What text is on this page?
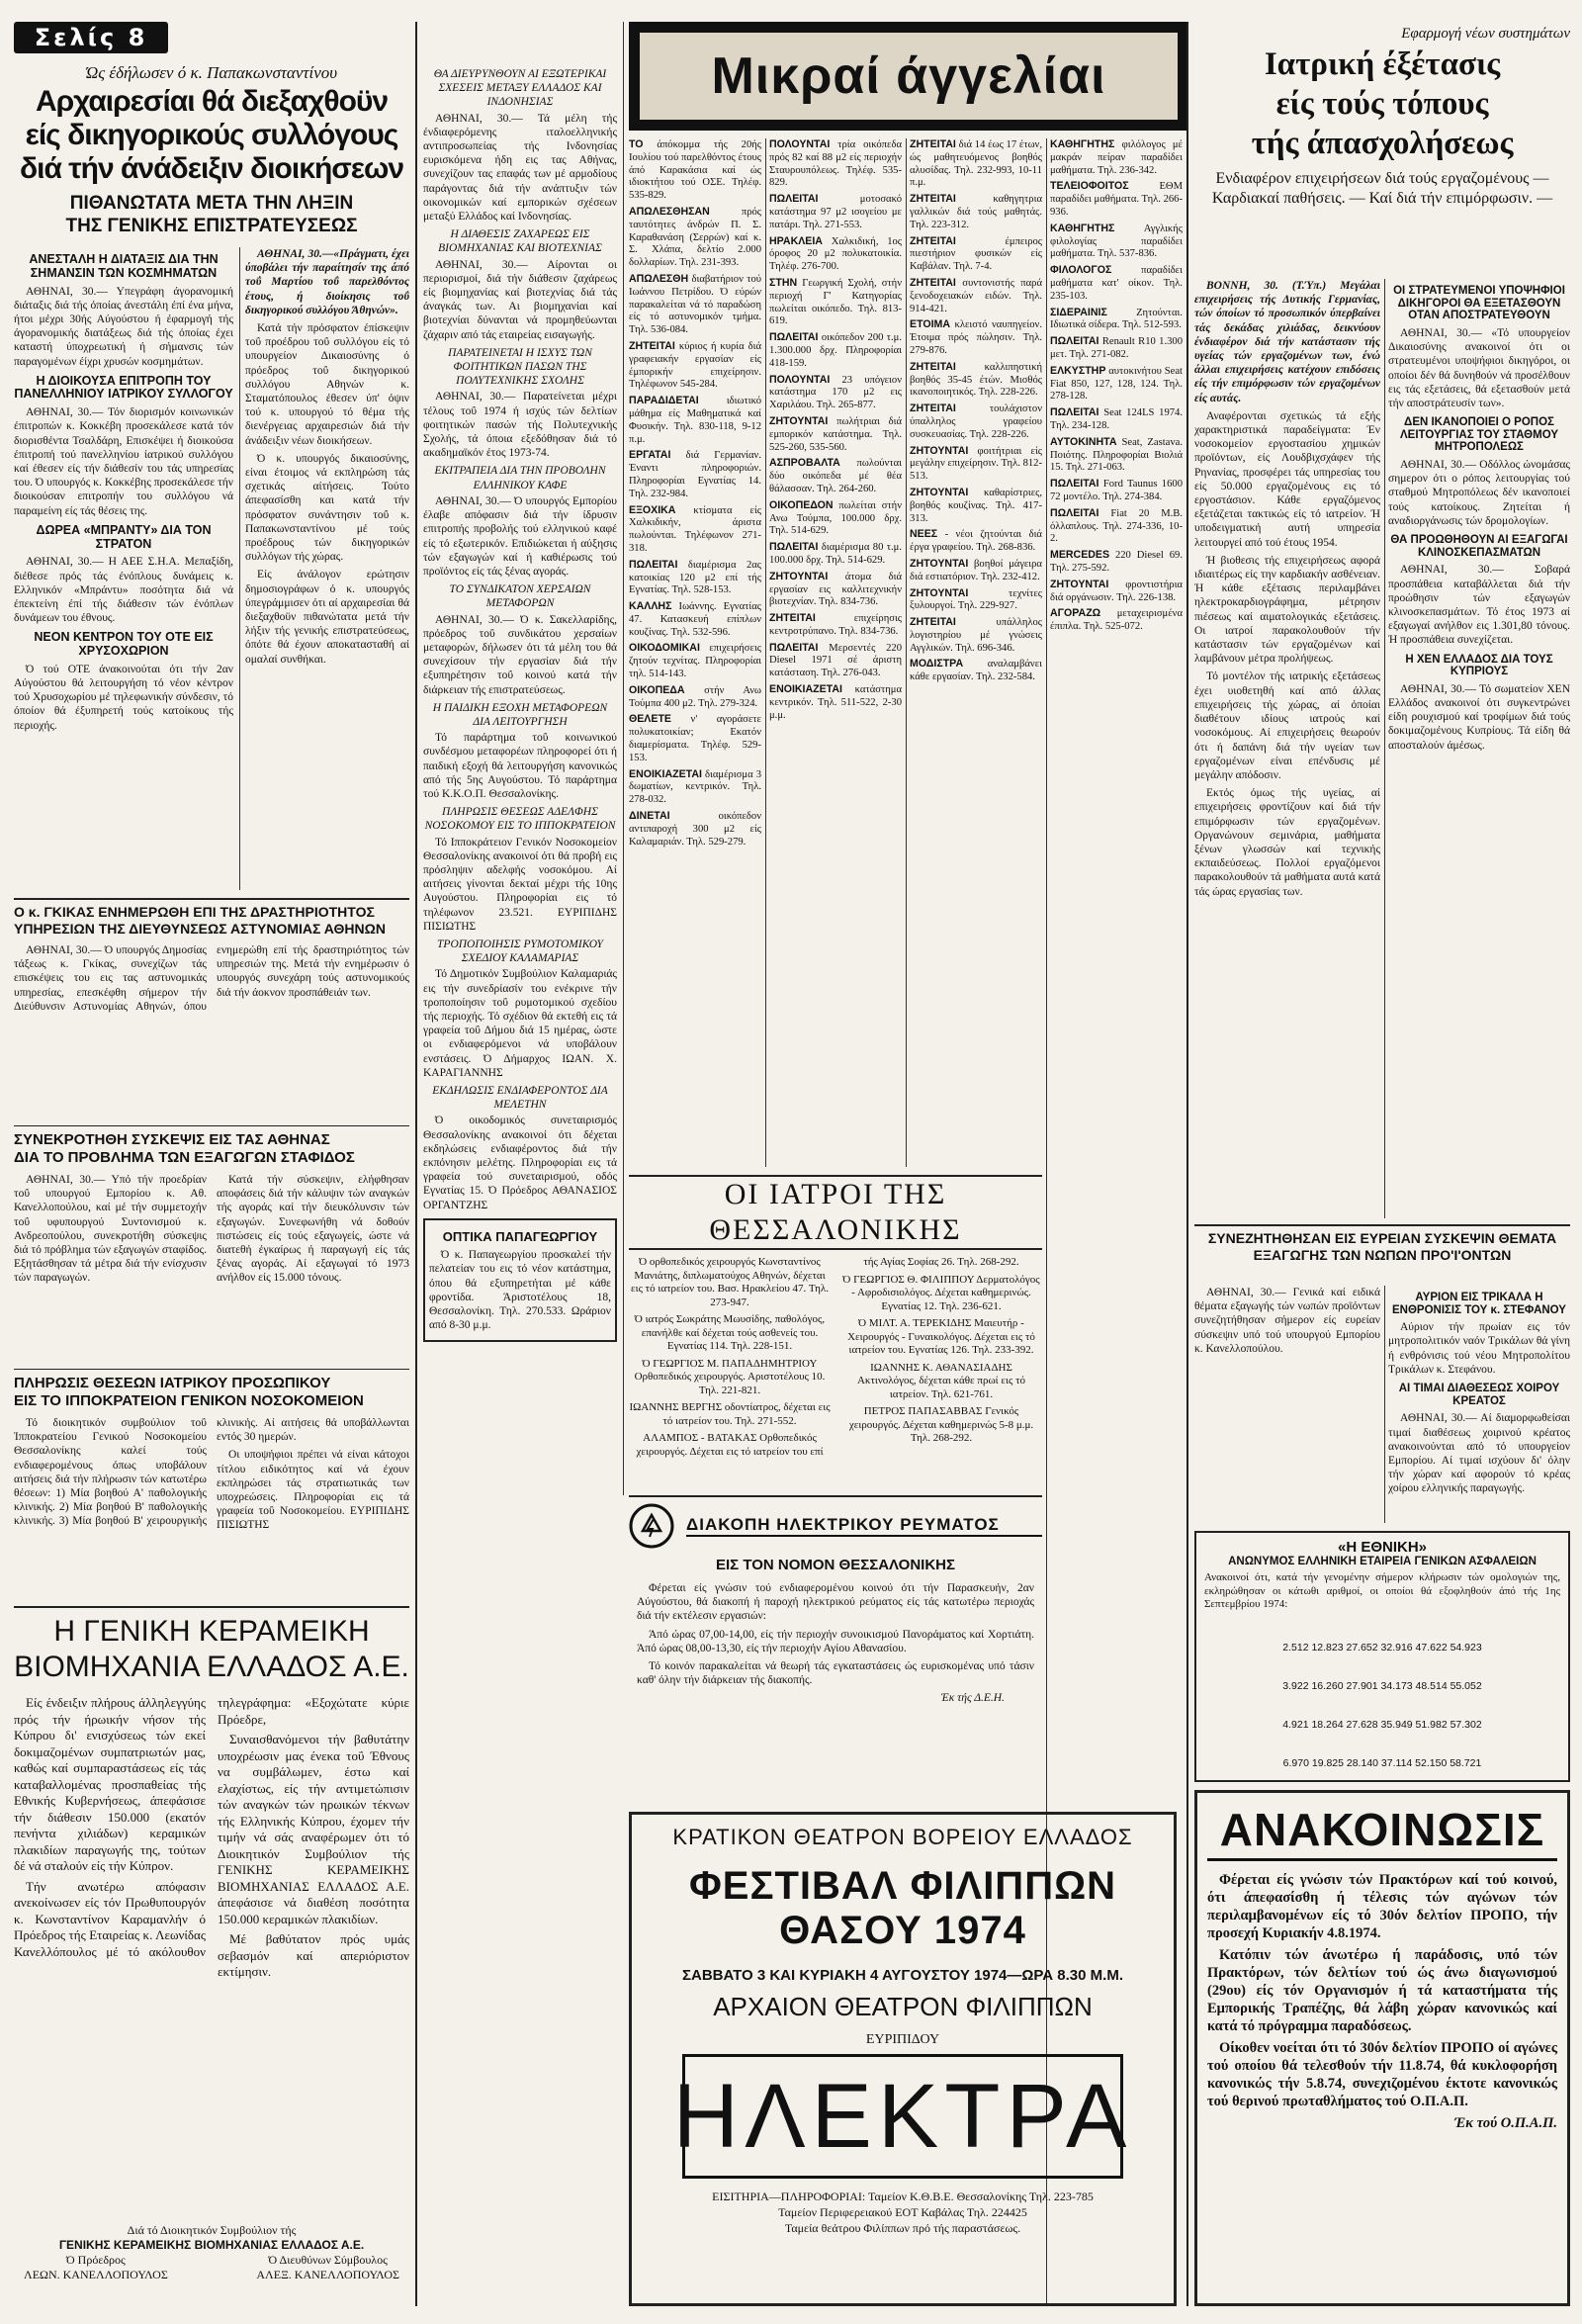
Σελίς 8
Ώς έδήλωσεν ό κ. Παπακωνσταντίνου
Αρχαιρεσίαι θά διεξαχθοϋν
είς δικηγορικούς συλλόγους
διά τήν άνάδειξιν διοικήσεων
ΠΙΘΑΝΩΤΑΤΑ ΜΕΤΑ ΤΗΝ ΛΗΞΙΝ
ΤΗΣ ΓΕΝΙΚΗΣ ΕΠΙΣΤΡΑΤΕΥΣΕΩΣ
ΑΝΕΣΤΑΛΗ Η ΔΙΑΤΑΞΙΣ ΔΙΑ ΤΗΝ ΣΗΜΑΝΣΙΝ ΤΩΝ ΚΟΣΜΗΜΑΤΩΝ

ΑΘΗΝΑΙ, 30.— Υπεγράφη άγορανομική διάταξις διά τής όποίας άνεστάλη έπί ένα μήνα, ήτοι μέχρι 30ής Αύγούστου ή έφαρμογή τής άγορανομικής διατάξεως διά τής όποίας έχει καταστή ύποχρεωτική ή σήμανσις τών παραγομένων έίχρι χρυσών κοσμημάτων.

Η ΔΙΟΙΚΟΥΣΑ ΕΠΙΤΡΟΠΗ ΤΟΥ ΠΑΝΕΛΛΗΝΙΟΥ ΙΑΤΡΙΚΟΥ ΣΥΛΛΟΓΟΥ

ΑΘΗΝΑΙ, 30.— Τόν διορισμόν κοινωνικών έπιτροπών κ. Κοκκέβη προσεκάλεσε κατά τόν διορισθέντα Τσαλδάρη, Επισκέψει ή διοικούσα έπιτροπή τού πανελληνίου ίατρικού συλλόγου καί έθεσεν είς τήν διάθεσίν του τάς υπηρεσίας του. Ό υπουργός κ. Κοκκέβης προσεκάλεσε τήν διοικούσαν επιτροπήν του συλλόγου νά παραμείνη είς τάς θέσεις της.

ΔΩΡΕΑ «ΜΠΡΑΝΤΥ» ΔΙΑ ΤΟΝ ΣΤΡΑΤΟΝ

ΑΘΗΝΑΙ, 30.— Η ΑΕΕ Σ.Η.Α. Μεπαξίδη, διέθεσε πρός τάς ένόπλους δυνάμεις κ. Ελληνικόν «Μπράντυ» ποσότητα διά νά έπεκτείνη έπί τής διάθεσιν τών ένόπλων δυνάμεων του έθνους.

ΝΕΟΝ ΚΕΝΤΡΟΝ ΤΟΥ ΟΤΕ ΕΙΣ ΧΡΥΣΟΧΩΡΙΟΝ

Ό τού ΟΤΕ άνακοινούται ότι τήν 2αν Αύγούστου θά λειτουργήση τό νέον κέντρον τού Χρυσοχωρίου μέ τηλεφωνικήν σύνδεσιν, τό όποίον θά έξυπηρετή τούς κατοίκους τής περιοχής.

ΑΘΗΝΑΙ, 30.—«Πράγματι, έχει ύποβάλει τήν παραίτησίν της άπό τοΰ Μαρτίου τοΰ παρελθόντος έτους, ή διοίκησις τοΰ δικηγορικού συλλόγου Άθηνών».

Κατά τήν πρόσφατον έπίσκεψιν τοΰ προέδρου τοΰ συλλόγου είς τό υπουργείον Δικαιοσύνης ό πρόεδρος τοΰ δικηγορικού συλλόγου Αθηνών κ. Σταματόπουλος έθεσεν ύπ' όψιν τού κ. υπουργού τό θέμα τής διενέργειας αρχαιρεσιών διά τήν άνάδειξιν νέων διοικήσεων.

Ό κ. υπουργός δικαιοσύνης, είναι έτοιμος νά εκπληρώση τάς σχετικάς αίτήσεις. Τούτο άπεφασίσθη και κατά τήν πρόσφατον συνάντησιν τοΰ κ. Παπακωνσταντίνου μέ τούς προέδρους τών δικηγορικών συλλόγων τής χώρας.

Είς άνάλογον ερώτησιν δημοσιογράφων ό κ. υπουργός ύπεγράμμισεν ότι αί αρχαιρεσίαι θά διεξαχθοϋν πιθανώτατα μετά τήν λήξιν τής γενικής επιστρατεύσεως, όπότε θά έχουν αποκατασταθή αί ομαλαί συνθήκαι.

Ο κ. ΓΚΙΚΑΣ ΕΝΗΜΕΡΩΘΗ ΕΠΙ ΤΗΣ ΔΡΑΣΤΗΡΙΟΤΗΤΟΣ ΥΠΗΡΕΣΙΩΝ ΤΗΣ ΔΙΕΥΘΥΝΣΕΩΣ ΑΣΤΥΝΟΜΙΑΣ ΑΘΗΝΩΝ

ΑΘΗΝΑΙ, 30.— Ό υπουργός Δημοσίας τάξεως κ. Γκίκας, συνεχίζων τάς επισκέψεις του εις τας αστυνομικάς υπηρεσίας, επεσκέφθη σήμερον τήν Διεύθυνσιν Αστυνομίας Αθηνών, όπου ενημερώθη επί τής δραστηριότητος τών υπηρεσιών της. Μετά τήν ενημέρωσιν ό υπουργός συνεχάρη τούς αστυνομικούς διά τήν άοκνον προσπάθειάν των.

ΣΥΝΕΚΡΟΤΗΘΗ ΣΥΣΚΕΨΙΣ ΕΙΣ ΤΑΣ ΑΘΗΝΑΣ
ΔΙΑ ΤΟ ΠΡΟΒΛΗΜΑ ΤΩΝ ΕΞΑΓΩΓΩΝ ΣΤΑΦΙΔΟΣ

ΑΘΗΝΑΙ, 30.— Υπό τήν προεδρίαν τοΰ υπουργού Εμπορίου κ. Αθ. Κανελλοπούλου, καί μέ τήν συμμετοχήν τοΰ υφυπουργού Συντονισμού κ. Ανδρεοπούλου, συνεκροτήθη σύσκεψις διά τό πρόβλημα τών εξαγωγών σταφίδος. Εξητάσθησαν τά μέτρα διά τήν ενίσχυσιν τών παραγωγών.

Κατά τήν σύσκεψιν, ελήφθησαν αποφάσεις διά τήν κάλυψιν τών αναγκών τής αγοράς καί τήν διευκόλυνσιν τών εξαγωγών. Συνεφωνήθη νά δοθούν πιστώσεις είς τούς εξαγωγείς, ώστε νά διατεθή έγκαίρως ή παραγωγή είς τάς ξένας αγοράς. Αί εξαγωγαί τό 1973 ανήλθον είς 15.000 τόνους.

ΠΛΗΡΩΣΙΣ ΘΕΣΕΩΝ ΙΑΤΡΙΚΟΥ ΠΡΟΣΩΠΙΚΟΥ
ΕΙΣ ΤΟ ΙΠΠΟΚΡΑΤΕΙΟΝ ΓΕΝΙΚΟΝ ΝΟΣΟΚΟΜΕΙΟΝ

Τό διοικητικόν συμβούλιον τοΰ Ίπποκρατείου Γενικού Νοσοκομείου Θεσσαλονίκης καλεί τούς ενδιαφερομένους όπως υποβάλουν αιτήσεις διά τήν πλήρωσιν τών κατωτέρω θέσεων: 1) Μία βοηθού Α' παθολογικής κλινικής. 2) Μία βοηθού Β' παθολογικής κλινικής. 3) Μία βοηθού Β' χειρουργικής κλινικής. Αί αιτήσεις θά υποβάλλωνται εντός 30 ημερών.

Οι υποψήφιοι πρέπει νά είναι κάτοχοι τίτλου ειδικότητος καί νά έχουν εκπληρώσει τάς στρατιωτικάς των υποχρεώσεις. Πληροφορίαι εις τά γραφεία τοΰ Νοσοκομείου. ΕΥΡΙΠΙΔΗΣ ΠΙΣΙΩΤΗΣ

Η ΓΕΝΙΚΗ ΚΕΡΑΜΕΙΚΗ
ΒΙΟΜΗΧΑΝΙΑ ΕΛΛΑΔΟΣ Α.Ε.

Είς ένδειξιν πλήρους άλληλεγγύης πρός τήν ήρωικήν νήσον τής Κύπρου δι' ενισχύσεως τών εκεί δοκιμαζομένων συμπατριωτών μας, καθώς καί συμπαραστάσεως είς τάς καταβαλλομένας προσπαθείας τής Εθνικής Κυβερνήσεως, άπεφάσισε τήν διάθεσιν 150.000 (εκατόν πενήντα χιλιάδων) κεραμικών πλακιδίων παραγωγής της, τούτων δέ νά σταλούν είς τήν Κύπρον.

Τήν ανωτέρω απόφασιν ανεκοίνωσεν είς τόν Πρωθυπουργόν κ. Κωνσταντίνον Καραμανλήν ό Πρόεδρος τής Εταιρείας κ. Λεωνίδας Κανελλόπουλος μέ τό ακόλουθον τηλεγράφημα: «Εξοχώτατε κύριε Πρόεδρε,

Συναισθανόμενοι τήν βαθυτάτην υποχρέωσιν μας ένεκα τοΰ Έθνους να συμβάλωμεν, έστω καί ελαχίστως, είς τήν αντιμετώπισιν τών αναγκών τών ηρωικών τέκνων τής Ελληνικής Κύπρου, έχομεν τήν τιμήν νά σάς αναφέρωμεν ότι τό Διοικητικόν Συμβούλιον τής ΓΕΝΙΚΗΣ ΚΕΡΑΜΕΙΚΗΣ ΒΙΟΜΗΧΑΝΙΑΣ ΕΛΛΑΔΟΣ Α.Ε. άπεφάσισε νά διαθέση ποσότητα 150.000 κεραμικών πλακιδίων.

Μέ βαθύτατον πρός υμάς σεβασμόν καί απεριόριστον εκτίμησιν.

Διά τό Διοικητικόν Συμβούλιον τής
ΓΕΝΙΚΗΣ ΚΕΡΑΜΕΙΚΗΣ ΒΙΟΜΗΧΑΝΙΑΣ ΕΛΛΑΔΟΣ Α.Ε.
Ό Πρόεδρος
ΛΕΩΝ. ΚΑΝΕΛΛΟΠΟΥΛΟΣ
Ό Διευθύνων Σύμβουλος
ΑΛΕΞ. ΚΑΝΕΛΛΟΠΟΥΛΟΣ
ΘΑ ΔΙΕΥΡΥΝΘΟΥΝ ΑΙ ΕΞΩΤΕΡΙΚΑΙ ΣΧΕΣΕΙΣ ΜΕΤΑΞΥ ΕΛΛΑΔΟΣ ΚΑΙ ΙΝΔΟΝΗΣΙΑΣ

ΑΘΗΝΑΙ, 30.— Τά μέλη τής ένδιαφερόμενης ιταλοελληνικής αντιπροσωπείας τής Ινδονησίας ευρισκόμενα ήδη εις τας Αθήνας, συνεχίζουν τας επαφάς των μέ αρμοδίους παράγοντας διά τήν ανάπτυξιν τών οικονομικών καί εμπορικών σχέσεων μεταξύ Ελλάδος καί Ινδονησίας.

Η ΔΙΑΘΕΣΙΣ ΖΑΧΑΡΕΩΣ ΕΙΣ ΒΙΟΜΗΧΑΝΙΑΣ ΚΑΙ ΒΙΟΤΕΧΝΙΑΣ

ΑΘΗΝΑΙ, 30.— Αίρονται οι περιορισμοί, διά τήν διάθεσιν ζαχάρεως είς βιομηχανίας καί βιοτεχνίας διά τάς άναγκάς των. Αι βιομηχανίαι καί βιοτεχνίαι δύνανται νά προμηθεύωνται ζάχαριν από τάς εταιρείας εισαγωγής.

ΠΑΡΑΤΕΙΝΕΤΑΙ Η ΙΣΧΥΣ ΤΩΝ ΦΟΙΤΗΤΙΚΩΝ ΠΑΣΩΝ ΤΗΣ ΠΟΛΥΤΕΧΝΙΚΗΣ ΣΧΟΛΗΣ

ΑΘΗΝΑΙ, 30.— Παρατείνεται μέχρι τέλους τοΰ 1974 ή ισχύς τών δελτίων φοιτητικών πασών τής Πολυτεχνικής Σχολής, τά όποια εξεδόθησαν διά τό ακαδημαϊκόν έτος 1973-74.

ΕΚΙΤΡΑΠΕΙΑ ΔΙΑ ΤΗΝ ΠΡΟΒΟΛΗΝ ΕΛΛΗΝΙΚΟΥ ΚΑΦΕ

ΑΘΗΝΑΙ, 30.— Ό υπουργός Εμπορίου έλαβε απόφασιν διά τήν ίδρυσιν επιτροπής προβολής τού ελληνικού καφέ είς τό εξωτερικόν. Επιδιώκεται ή αύξησις τών εξαγωγών καί ή καθιέρωσις τού προϊόντος είς τάς ξένας αγοράς.

ΤΟ ΣΥΝΔΙΚΑΤΟΝ ΧΕΡΣΑΙΩΝ ΜΕΤΑΦΟΡΩΝ

ΑΘΗΝΑΙ, 30.— Ό κ. Σακελλαρίδης, πρόεδρος τοΰ συνδικάτου χερσαίων μεταφορών, δήλωσεν ότι τά μέλη του θά συνεχίσουν τήν εργασίαν διά τήν εξυπηρέτησιν τοΰ κοινού κατά τήν διάρκειαν τής επιστρατεύσεως.

Η ΠΑΙΔΙΚΗ ΕΞΟΧΗ ΜΕΤΑΦΟΡΕΩΝ ΔΙΑ ΛΕΙΤΟΥΡΓΗΣΗ

Τό παράρτημα τοΰ κοινωνικού συνδέσμου μεταφορέων πληροφορεί ότι ή παιδική εξοχή θά λειτουργήση κανονικώς από τής 5ης Αυγούστου. Τό παράρτημα τού Κ.Κ.Ο.Π. Θεσσαλονίκης.

ΠΛΗΡΩΣΙΣ ΘΕΣΕΩΣ ΑΔΕΛΦΗΣ ΝΟΣΟΚΟΜΟΥ ΕΙΣ ΤΟ ΙΠΠΟΚΡΑΤΕΙΟΝ

Τό Ιπποκράτειον Γενικόν Νοσοκομείον Θεσσαλονίκης ανακοινοί ότι θά προβή εις πρόσληψιν αδελφής νοσοκόμου. Αί αιτήσεις γίνονται δεκταί μέχρι τής 10ης Αυγούστου. Πληροφορίαι εις τό τηλέφωνον 23.521. ΕΥΡΙΠΙΔΗΣ ΠΙΣΙΩΤΗΣ

ΤΡΟΠΟΠΟΙΗΣΙΣ ΡΥΜΟΤΟΜΙΚΟΥ ΣΧΕΔΙΟΥ ΚΑΛΑΜΑΡΙΑΣ

Τό Δημοτικόν Συμβούλιον Καλαμαριάς εις τήν συνεδρίασίν του ενέκρινε τήν τροποποίησιν τοΰ ρυμοτομικού σχεδίου τής περιοχής. Τό σχέδιον θά εκτεθή εις τά γραφεία τοΰ Δήμου διά 15 ημέρας, ώστε οι ενδιαφερόμενοι νά υποβάλουν ενστάσεις. Ό Δήμαρχος ΙΩΑΝ. Χ. ΚΑΡΑΓΙΑΝΝΗΣ

ΕΚΔΗΛΩΣΙΣ ΕΝΔΙΑΦΕΡΟΝΤΟΣ ΔΙΑ ΜΕΛΕΤΗΝ

Ό οικοδομικός συνεταιρισμός Θεσσαλονίκης ανακοινοί ότι δέχεται εκδηλώσεις ενδιαφέροντος διά τήν εκπόνησιν μελέτης. Πληροφορίαι εις τά γραφεία τού συνεταιρισμού, οδός Εγνατίας 15. Ό Πρόεδρος ΑΘΑΝΑΣΙΟΣ ΟΡΓΑΝΤΖΗΣ

ΟΠΤΙΚΑ ΠΑΠΑΓΕΩΡΓΙΟΥ

Ό κ. Παπαγεωργίου προσκαλεί τήν πελατείαν του εις τό νέον κατάστημα, όπου θά εξυπηρετήται μέ κάθε φροντίδα. Άριστοτέλους 18, Θεσσαλονίκη. Τηλ. 270.533. Ωράριον από 8-30 μ.μ.

Μικραί άγγελίαι

ΤΟ άπόκομμα τής 20ής Ιουλίου τού παρελθόντος έτους άπό Καρακάσια καί ώς ιδιοκτήτου τού ΟΣΕ. Τηλέφ. 535-829.

ΑΠΩΛΕΣΘΗΣΑΝ πρός ταυτότητες άνδρών Π. Σ. Καραθανάση (Σερρών) καί κ. Σ. Χλάπα, δελτίο 2.000 δολλαρίων. Τηλ. 231-393.

ΑΠΩΛΕΣΘΗ διαβατήριον τού Ιωάννου Πετρίδου. Ό εύρών παρακαλείται νά τό παραδώση είς τό αστυνομικόν τμήμα. Τηλ. 536-084.

ΖΗΤΕΙΤΑΙ κύριος ή κυρία διά γραφειακήν εργασίαν είς έμπορικήν επιχείρησιν. Τηλέφωνον 545-284.

ΠΑΡΑΔΙΔΕΤΑΙ ιδιωτικό μάθημα είς Μαθηματικά καί Φυσικήν. Τηλ. 830-118, 9-12 π.μ.

ΕΡΓΑΤΑΙ διά Γερμανίαν. Έναντι πληροφοριών. Πληροφορίαι Εγνατίας 14. Τηλ. 232-984.

ΕΞΟΧΙΚΑ κτίσματα είς Χαλκιδικήν, άριστα πωλούνται. Τηλέφωνον 271-318.

ΠΩΛΕΙΤΑΙ διαμέρισμα 2ας κατοικίας 120 μ2 επί τής Εγνατίας. Τηλ. 528-153.

ΚΑΛΛΗΣ Ιωάννης. Εγνατίας 47. Κατασκευή επίπλων κουζίνας. Τηλ. 532-596.

ΟΙΚΟΔΟΜΙΚΑΙ επιχειρήσεις ζητούν τεχνίτας. Πληροφορίαι τηλ. 514-143.

ΟΙΚΟΠΕΔΑ στήν Ανω Τούμπα 400 μ2. Τηλ. 279-324.

ΘΕΛΕΤΕ ν' αγοράσετε πολυκατοικίαν; Εκατόν διαμερίσματα. Τηλέφ. 529-153.

ΕΝΟΙΚΙΑΖΕΤΑΙ διαμέρισμα 3 δωματίων, κεντρικόν. Τηλ. 278-032.

ΔΙΝΕΤΑΙ οικόπεδον αντιπαροχή 300 μ2 είς Καλαμαριάν. Τηλ. 529-279.

ΠΟΛΟΥΝΤΑΙ τρία οικόπεδα πρός 82 καί 88 μ2 είς περιοχήν Σταυρουπόλεως. Τηλέφ. 535-829.

ΠΩΛΕΙΤΑΙ μοτοσακό κατάστημα 97 μ2 ισογείου με πατάρι. Τηλ. 271-553.

ΗΡΑΚΛΕΙΑ Χαλκιδική, 1ος όροφος 20 μ2 πολυκατοικία. Τηλέφ. 276-700.

ΣΤΗΝ Γεωργική Σχολή, στήν περιοχή Γ' Κατηγορίας πωλείται οικόπεδο. Τηλ. 813-619.

ΠΩΛΕΙΤΑΙ οικόπεδον 200 τ.μ. 1.300.000 δρχ. Πληροφορίαι 418-159.

ΠΟΛΟΥΝΤΑΙ 23 υπόγειον κατάστημα 170 μ2 εις Χαριλάου. Τηλ. 265-877.

ΖΗΤΟΥΝΤΑΙ πωλήτριαι διά εμπορικόν κατάστημα. Τηλ. 525-260, 535-560.

ΑΣΠΡΟΒΑΛΤΑ πωλούνται δύο οικόπεδα μέ θέα θάλασσαν. Τηλ. 264-260.

ΟΙΚΟΠΕΔΟΝ πωλείται στήν Ανω Τούμπα, 100.000 δρχ. Τηλ. 514-629.

ΠΩΛΕΙΤΑΙ διαμέρισμα 80 τ.μ. 100.000 δρχ. Τηλ. 514-629.

ΖΗΤΟΥΝΤΑΙ άτομα διά εργασίαν εις καλλιτεχνικήν βιοτεχνίαν. Τηλ. 834-736.

ΖΗΤΕΙΤΑΙ επιχείρησις κεντροτρύπανο. Τηλ. 834-736.

ΠΩΛΕΙΤΑΙ Μερσεντές 220 Diesel 1971 σέ άριστη κατάσταση. Τηλ. 276-043.

ΕΝΟΙΚΙΑΖΕΤΑΙ κατάστημα κεντρικόν. Τηλ. 511-522, 2-30 μ.μ.

ΖΗΤΕΙΤΑΙ διά 14 έως 17 έτων, ώς μαθητευόμενος βοηθός αλυσίδας. Τηλ. 232-993, 10-11 π.μ.

ΖΗΤΕΙΤΑΙ καθηγητρια γαλλικών διά τούς μαθητάς. Τηλ. 223-312.

ΖΗΤΕΙΤΑΙ έμπειρος πιεστήριον φυσικών είς Καβάλαν. Τηλ. 7-4.

ΖΗΤΕΙΤΑΙ συντονιστής παρά ξενοδοχειακών ειδών. Τηλ. 914-421.

ΕΤΟΙΜΑ κλειστό ναυπηγείον. Έτοιμα πρός πώλησιν. Τηλ. 279-876.

ΖΗΤΕΙΤΑΙ καλλιπηστική βοηθός 35-45 έτών. Μισθός ικανοποιητικός. Τηλ. 228-226.

ΖΗΤΕΙΤΑΙ τουλάχιστον ύπαλληλος γραφείου συσκευασίας. Τηλ. 228-226.

ΖΗΤΟΥΝΤΑΙ φοιτήτριαι είς μεγάλην επιχείρησιν. Τηλ. 812-513.

ΖΗΤΟΥΝΤΑΙ καθαρίστριες, βοηθός κουζίνας. Τηλ. 417-313.

ΝΕΕΣ - νέοι ζητούνται διά έργα γραφείου. Τηλ. 268-836.

ΖΗΤΟΥΝΤΑΙ βοηθοί μάγειρα διά εστιατόριον. Τηλ. 232-412.

ΖΗΤΟΥΝΤΑΙ τεχνίτες ξυλουργοί. Τηλ. 229-927.

ΖΗΤΕΙΤΑΙ υπάλληλος λογιστηρίου μέ γνώσεις Αγγλικών. Τηλ. 696-346.

ΜΟΔΙΣΤΡΑ αναλαμβάνει κάθε εργασίαν. Τηλ. 232-584.

ΚΑΘΗΓΗΤΗΣ φιλόλογος μέ μακράν πείραν παραδίδει μαθήματα. Τηλ. 236-342.

ΤΕΛΕΙΟΦΟΙΤΟΣ ΕΘΜ παραδίδει μαθήματα. Τηλ. 266-936.

ΚΑΘΗΓΗΤΗΣ Αγγλικής φιλολογίας παραδίδει μαθήματα. Τηλ. 537-836.

ΦΙΛΟΛΟΓΟΣ παραδίδει μαθήματα κατ' οίκον. Τηλ. 235-103.

ΣΙΔΕΡΑΙΝΙΣ Ζητούνται. Ιδιωτικά σίδερα. Τηλ. 512-593.

ΠΩΛΕΙΤΑΙ Renault R10 1.300 μετ. Τηλ. 271-082.

ΕΛΚΥΣΤΗΡ αυτοκινήτου Seat Fiat 850, 127, 128, 124. Τηλ. 278-128.

ΠΩΛΕΙΤΑΙ Seat 124LS 1974. Τηλ. 234-128.

ΑΥΤΟΚΙΝΗΤΑ Seat, Zastava. Ποιότης. Πληροφορίαι Βιολιά 15. Τηλ. 271-063.

ΠΩΛΕΙΤΑΙ Ford Taunus 1600 72 μοντέλο. Τηλ. 274-384.

ΠΩΛΕΙΤΑΙ Fiat 20 Μ.Β. όλλαπλους. Τηλ. 274-336, 10-2.

MERCEDES 220 Diesel 69. Τηλ. 275-592.

ΖΗΤΟΥΝΤΑΙ φροντιστήρια διά οργάνωσιν. Τηλ. 226-138.

ΑΓΟΡΑΖΩ μεταχειρισμένα έπιπλα. Τηλ. 525-072.

ΟΙ ΙΑΤΡΟΙ ΤΗΣ ΘΕΣΣΑΛΟΝΙΚΗΣ

Ό ορθοπεδικός χειρουργός Κωνσταντίνος Μανιάτης, διπλωματούχος Αθηνών, δέχεται εις τό ιατρείον του. Βασ. Ηρακλείου 47. Τηλ. 273-947.

Ό ιατρός Σωκράτης Μωυσίδης, παθολόγος, επανήλθε καί δέχεται τούς ασθενείς του. Εγνατίας 114. Τηλ. 228-151.

Ό ΓΕΩΡΓΙΟΣ Μ. ΠΑΠΑΔΗΜΗΤΡΙΟΥ Ορθοπεδικός χειρουργός. Αριστοτέλους 10. Τηλ. 221-821.

ΙΩΑΝΝΗΣ ΒΕΡΓΗΣ οδοντίατρος, δέχεται εις τό ιατρείον του. Τηλ. 271-552.

ΑΛΑΜΠΟΣ - ΒΑΤΑΚΑΣ Ορθοπεδικός χειρουργός. Δέχεται εις τό ιατρείον του επί τής Αγίας Σοφίας 26. Τηλ. 268-292.

Ό ΓΕΩΡΓΙΟΣ Θ. ΦΙΛΙΠΠΟΥ Δερματολόγος - Αφροδισιολόγος. Δέχεται καθημερινώς. Εγνατίας 12. Τηλ. 236-621.

Ό ΜΙΛΤ. Α. ΤΕΡΕΚΙΔΗΣ Μαιευτήρ - Χειρουργός - Γυναικολόγος. Δέχεται εις τό ιατρείον του. Εγνατίας 126. Τηλ. 233-392.

ΙΩΑΝΝΗΣ Κ. ΑΘΑΝΑΣΙΑΔΗΣ Ακτινολόγος, δέχεται κάθε πρωί εις τό ιατρείον. Τηλ. 621-761.

ΠΕΤΡΟΣ ΠΑΠΑΣΑΒΒΑΣ Γενικός χειρουργός. Δέχεται καθημερινώς 5-8 μ.μ. Τηλ. 268-292.

ΔΙΑΚΟΠΗ ΗΛΕΚΤΡΙΚΟΥ ΡΕΥΜΑΤΟΣ
ΕΙΣ ΤΟΝ ΝΟΜΟΝ ΘΕΣΣΑΛΟΝΙΚΗΣ

Φέρεται είς γνώσιν τού ενδιαφερομένου κοινού ότι τήν Παρασκευήν, 2αν Αύγούστου, θά διακοπή ή παροχή ηλεκτρικού ρεύματος είς τάς κατωτέρω περιοχάς διά τήν εκτέλεσιν εργασιών:

Άπό ώρας 07,00-14,00, είς τήν περιοχήν συνοικισμού Πανοράματος καί Χορτιάτη. Άπό ώρας 08,00-13,30, είς τήν περιοχήν Αγίου Αθανασίου.

Τό κοινόν παρακαλείται νά θεωρή τάς εγκαταστάσεις ώς ευρισκομένας υπό τάσιν καθ' όλην τήν διάρκειαν τής διακοπής.

Έκ τής Δ.Ε.Η.
ΚΡΑΤΙΚΟΝ ΘΕΑΤΡΟΝ ΒΟΡΕΙΟΥ ΕΛΛΑΔΟΣ
ΦΕΣΤΙΒΑΛ ΦΙΛΙΠΠΩΝ ΘΑΣΟΥ 1974
ΣΑΒΒΑΤΟ 3 ΚΑΙ ΚΥΡΙΑΚΗ 4 ΑΥΓΟΥΣΤΟΥ 1974—ΩΡΑ 8.30 Μ.Μ.
ΑΡΧΑΙΟΝ ΘΕΑΤΡΟΝ ΦΙΛΙΠΠΩΝ
ΕΥΡΙΠΙΔΟΥ
ΗΛΕΚΤΡΑ
ΕΙΣΙΤΗΡΙΑ—ΠΛΗΡΟΦΟΡΙΑΙ: Ταμείον Κ.Θ.Β.Ε. Θεσσαλονίκης Τηλ. 223-785
Ταμείον Περιφερειακού ΕΟΤ Καβάλας Τηλ. 224425
Ταμεία θεάτρου Φιλίππων πρό τής παραστάσεως.
Εφαρμογή νέων συστημάτων
Ιατρική έξέτασις
είς τούς τόπους
τής άπασχολήσεως
Ενδιαφέρον επιχειρήσεων διά τούς εργαζομένους — Καρδιακαί παθήσεις. — Καί διά τήν επιμόρφωσιν. —

ΒΟΝΝΗ, 30. (Τ.Ύπ.) Μεγάλαι επιχειρήσεις τής Δυτικής Γερμανίας, τών όποίων τό προσωπικόν ύπερβαίνει τάς δεκάδας χιλιάδας, δεικνύουν ένδιαφέρον διά τήν κατάστασιν τής υγείας τών εργαζομένων των, ένώ άλλαι επιχειρήσεις κατέχουν επιδόσεις είς τήν επιμόρφωσιν τών εργαζομένων είς αυτάς.

Αναφέρονται σχετικώς τά εξής χαρακτηριστικά παραδείγματα: Έν νοσοκομείον εργοστασίου χημικών προϊόντων, είς Λουδβιχσχάφεν τής Ρηνανίας, προσφέρει τάς υπηρεσίας του είς 50.000 εργαζομένους εις τό εργοστάσιον. Κάθε εργαζόμενος εξετάζεται τακτικώς είς τό ιατρείον. Ή υποδειγματική αυτή υπηρεσία λειτουργεί από τού έτους 1954.

Ή βιοθεσις τής επιχειρήσεως αφορά ιδιαιτέρως είς την καρδιακήν ασθένειαν. Ή κάθε εξέτασις περιλαμβάνει ηλεκτροκαρδιογράφημα, μέτρησιν πιέσεως καί αιματολογικάς εξετάσεις. Οι ιατροί παρακολουθούν τήν κατάστασιν τών εργαζομένων καί λαμβάνουν μέτρα προλήψεως.

Τό μοντέλον τής ιατρικής εξετάσεως έχει υιοθετηθή καί από άλλας επιχειρήσεις τής χώρας, αί όποίαι διαθέτουν ιδίους ιατρούς καί νοσοκόμους. Αί επιχειρήσεις θεωρούν ότι ή δαπάνη διά τήν υγείαν των εργαζομένων είναι επένδυσις μέ μεγάλην απόδοσιν.

Εκτός όμως τής υγείας, αί επιχειρήσεις φροντίζουν καί διά τήν επιμόρφωσιν τών εργαζομένων. Οργανώνουν σεμινάρια, μαθήματα ξένων γλωσσών καί τεχνικής εκπαιδεύσεως. Πολλοί εργαζόμενοι παρακολουθούν τά μαθήματα αυτά κατά τάς ώρας εργασίας των.

ΟΙ ΣΤΡΑΤΕΥΜΕΝΟΙ ΥΠΟΨΗΦΙΟΙ ΔΙΚΗΓΟΡΟΙ ΘΑ ΕΞΕΤΑΣΘΟΥΝ ΟΤΑΝ ΑΠΟΣΤΡΑΤΕΥΘΟΥΝ

ΑΘΗΝΑΙ, 30.— «Τό υπουργείον Δικαιοσύνης ανακοινοί ότι οι στρατευμένοι υποψήφιοι δικηγόροι, οι οποίοι δέν θά δυνηθούν νά προσέλθουν εις τάς εξετάσεις, θά εξετασθούν μετά τήν αποστράτευσίν των».

ΔΕΝ ΙΚΑΝΟΠΟΙΕΙ Ο ΡΟΠΟΣ ΛΕΙΤΟΥΡΓΙΑΣ ΤΟΥ ΣΤΑΘΜΟΥ ΜΗΤΡΟΠΟΛΕΩΣ

ΑΘΗΝΑΙ, 30.— Οδόλλος ώνομάσας σημερον ότι ο ρόπος λειτουργίας τού σταθμού Μητροπόλεως δέν ικανοποιεί τούς κατοίκους. Ζητείται ή αναδιοργάνωσις τών δρομολογίων.

ΘΑ ΠΡΟΩΘΗΘΟΥΝ ΑΙ ΕΞΑΓΩΓΑΙ ΚΛΙΝΟΣΚΕΠΑΣΜΑΤΩΝ

ΑΘΗΝΑΙ, 30.— Σοβαρά προσπάθεια καταβάλλεται διά τήν προώθησιν τών εξαγωγών κλινοσκεπασμάτων. Τό έτος 1973 αί εξαγωγαί ανήλθον εις 1.301,80 τόνους. Ή προσπάθεια συνεχίζεται.

Η ΧΕΝ ΕΛΛΑΔΟΣ ΔΙΑ ΤΟΥΣ ΚΥΠΡΙΟΥΣ

ΑΘΗΝΑΙ, 30.— Τό σωματείον ΧΕΝ Ελλάδος ανακοινοί ότι συγκεντρώνει είδη ρουχισμού καί τροφίμων διά τούς δοκιμαζομένους Κυπρίους. Τά είδη θά αποσταλούν άμέσως.

ΣΥΝΕΖΗΤΗΘΗΣΑΝ ΕΙΣ ΕΥΡΕΙΑΝ ΣΥΣΚΕΨΙΝ ΘΕΜΑΤΑ ΕΞΑΓΩΓΗΣ ΤΩΝ ΝΩΠΩΝ ΠΡΟ'Ι'ΟΝΤΩΝ

ΑΘΗΝΑΙ, 30.— Γενικά καί ειδικά θέματα εξαγωγής τών νωπών προϊόντων συνεζητήθησαν σήμερον είς ευρείαν σύσκεψιν υπό τού υπουργού Εμπορίου κ. Κανελλοπούλου.

ΑΥΡΙΟΝ ΕΙΣ ΤΡΙΚΑΛΑ Η ΕΝΘΡΟΝΙΣΙΣ ΤΟΥ κ. ΣΤΕΦΑΝΟΥ

Αύριον τήν πρωίαν εις τόν μητροπολιτικόν ναόν Τρικάλων θά γίνη ή ενθρόνισις τού νέου Μητροπολίτου Τρικάλων κ. Στεφάνου.

ΑΙ ΤΙΜΑΙ ΔΙΑΘΕΣΕΩΣ ΧΟΙΡΟΥ ΚΡΕΑΤΟΣ

ΑΘΗΝΑΙ, 30.— Αί διαμορφωθείσαι τιμαί διαθέσεως χοιρινού κρέατος ανακοινούνται από τό υπουργείον Εμπορίου. Αί τιμαί ισχύουν δι' όλην τήν χώραν καί αφορούν τό κρέας χοίρου ελληνικής παραγωγής.

«Η ΕΘΝΙΚΗ»
ΑΝΩΝΥΜΟΣ ΕΛΛΗΝΙΚΗ ΕΤΑΙΡΕΙΑ ΓΕΝΙΚΩΝ ΑΣΦΑΛΕΙΩΝ
Ανακοινοί ότι, κατά τήν γενομένην σήμερον κλήρωσιν τών ομολογιών της, εκληρώθησαν οι κάτωθι αριθμοί, οι οποίοι θά εξοφληθούν άπό τής 1ης Σεπτεμβρίου 1974:

2.512 12.823 27.652 32.916 47.622 54.923

3.922 16.260 27.901 34.173 48.514 55.052

4.921 18.264 27.628 35.949 51.982 57.302

6.970 19.825 28.140 37.114 52.150 58.721

ΑΝΑΚΟΙΝΩΣΙΣ

Φέρεται είς γνώσιν τών Πρακτόρων καί τού κοινού, ότι άπεφασίσθη ή τέλεσις τών αγώνων τών περιλαμβανομένων είς τό 30όν δελτίον ΠΡΟΠΟ, τήν προσεχή Κυριακήν 4.8.1974.

Κατόπιν τών άνωτέρω ή παράδοσις, υπό τών Πρακτόρων, τών δελτίων τού ώς άνω διαγωνισμού (29ου) είς τόν Οργανισμόν ή τά καταστήματα τής Εμπορικής Τραπέζης, θά λάβη χώραν κανονικώς καί κατά τό πρόγραμμα παραδόσεως.

Οίκοθεν νοείται ότι τό 30όν δελτίον ΠΡΟΠΟ οί αγώνες τού οποίου θά τελεσθούν τήν 11.8.74, θά κυκλοφορήση κανονικώς τήν 5.8.74, συνεχιζομένου έκτοτε κανονικώς τού θερινού πρωταθλήματος τού Ο.Π.Α.Π.

Έκ τού Ο.Π.Α.Π.
